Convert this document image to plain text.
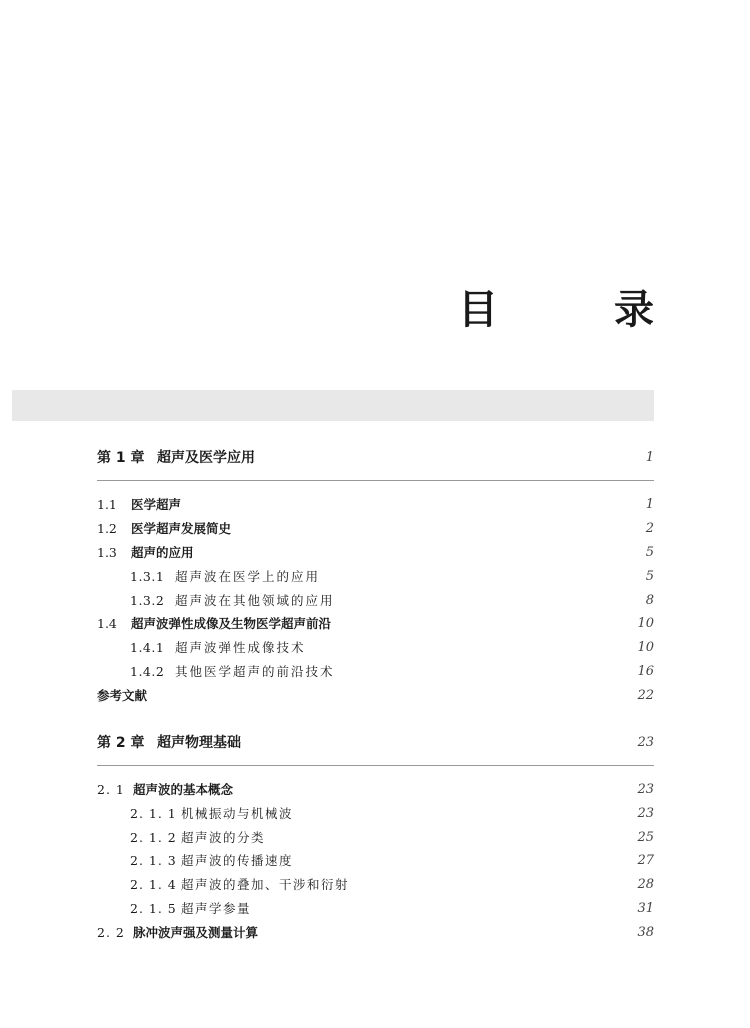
目　录
第 1 章 超声及医学应用	1
1.1 医学超声	1
1.2 医学超声发展简史	2
1.3 超声的应用	5
1.3.1 超声波在医学上的应用	5
1.3.2 超声波在其他领域的应用	8
1.4 超声波弹性成像及生物医学超声前沿	10
1.4.1 超声波弹性成像技术	10
1.4.2 其他医学超声的前沿技术	16
参考文献	22
第 2 章 超声物理基础	23
2. 1 超声波的基本概念	23
2. 1. 1 机械振动与机械波	23
2. 1. 2 超声波的分类	25
2. 1. 3 超声波的传播速度	27
2. 1. 4 超声波的叠加、干涉和衍射	28
2. 1. 5 超声学参量	31
2. 2 脉冲波声强及测量计算	38
